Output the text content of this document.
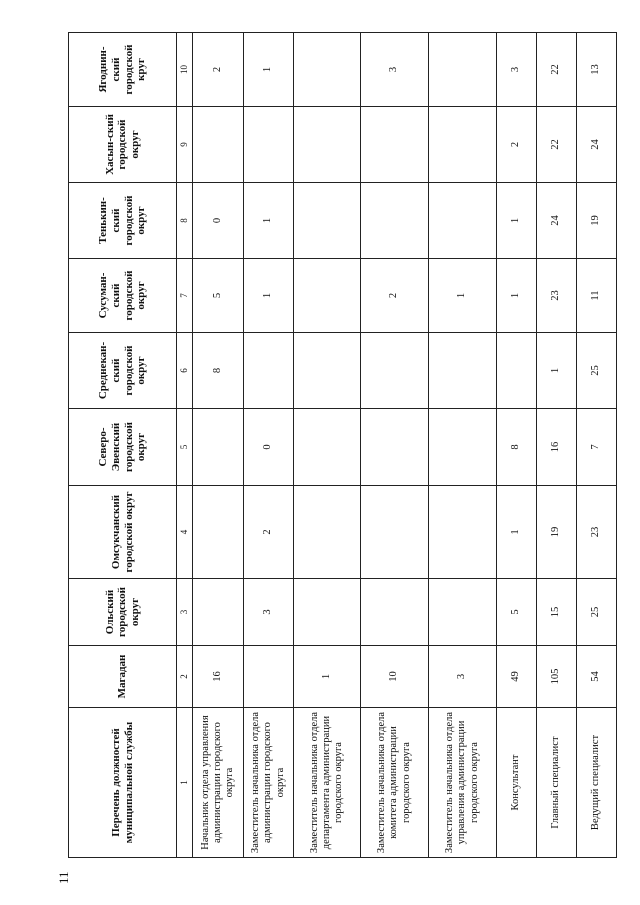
11
Перечень должностей муниципальной службы	Магадан	Ольский городской округ	Омсукчанский городской округ	Северо-Эвенский городской округ	Среднекан-ский городской округ	Сусуман-ский городской округ	Тенькин-ский городской округ	Хасын-ский городской округ	Ягоднин-ский городской круг
1	2	3	4	5	6	7	8	9	10
Начальник отдела управления администрации городского округа	16				8	5	0		2
Заместитель начальника отдела администрации городского округа		3	2	0		1	1		1
Заместитель начальника отдела департамента администрации городского округа	1								
Заместитель начальника отдела комитета администрации городского округа	10					2			3
Заместитель начальника отдела управления администрации городского округа	3					1			
Консультант	49	5	1	8		1	1	2	3
Главный специалист	105	15	19	16	1	23	24	22	22
Ведущий специалист	54	25	23	7	25	11	19	24	13
